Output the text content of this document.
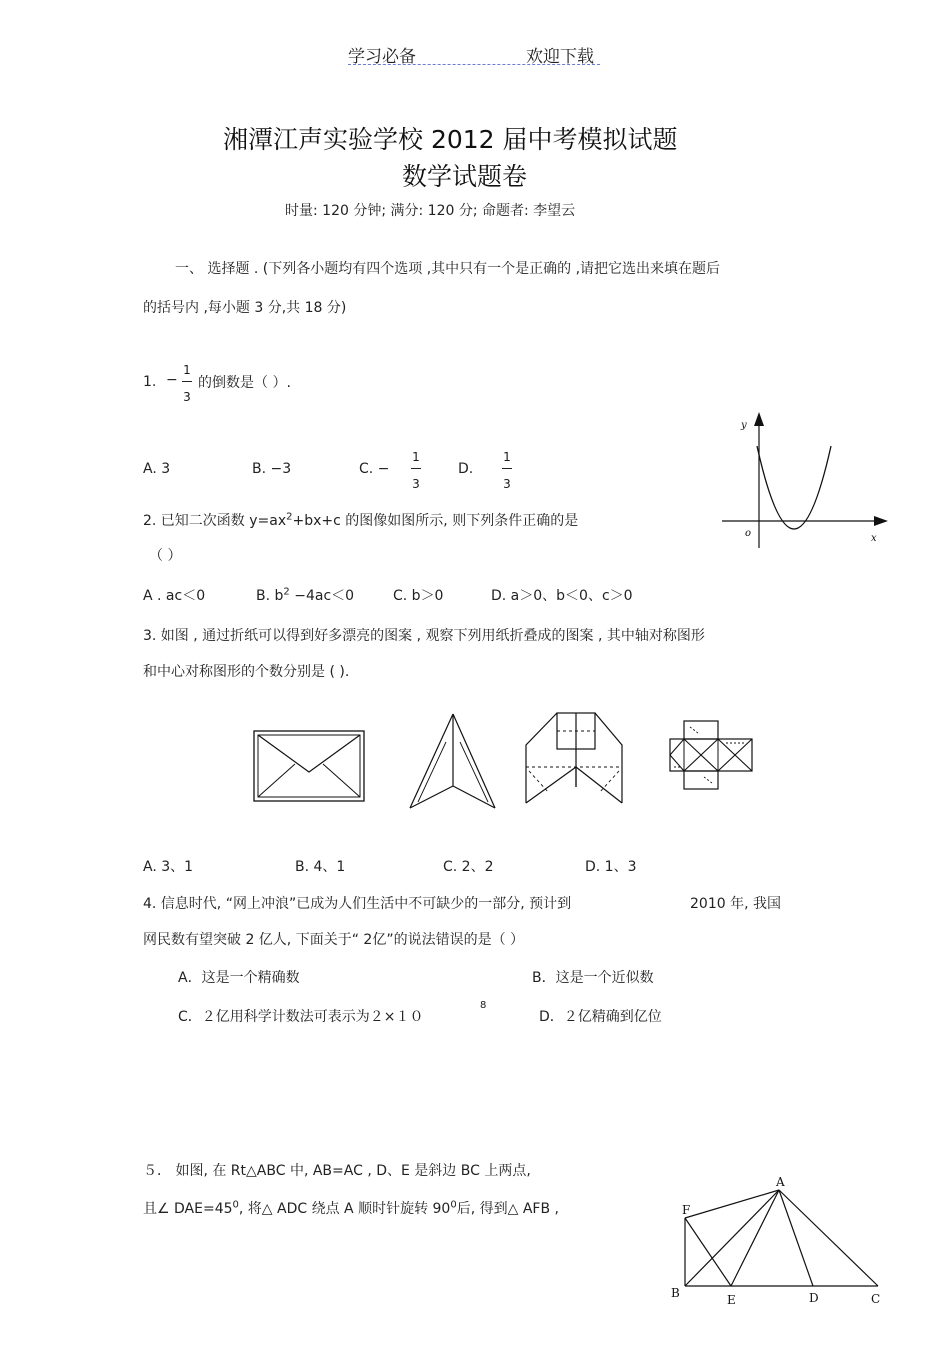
学习必备	欢迎下载
湘潭江声实验学校 2012 届中考模拟试题
数学试题卷
时量: 120 分钟; 满分: 120 分; 命题者: 李望云
一、 选择题 . (下列各小题均有四个选项 ,其中只有一个是正确的 ,请把它选出来填在题后
的括号内 ,每小题 3 分,共 18 分)
1. −
1
3
的倒数是（ ）.
A. 3	B. −3	C. −
1
3
D.
1
3
y
x
o
2. 已知二次函数 $y=ax^2+bx+c$ 的图像如图所示, 则下列条件正确的是
（ ）
A . ac＜0	B. $b^2 -4ac<0$	C. b＞0	D. a＞0、b＜0、c＞0
3. 如图 , 通过折纸可以得到好多漂亮的图案 , 观察下列用纸折叠成的图案 , 其中轴对称图形
和中心对称图形的个数分别是 ( ).
A. 3、1	B. 4、1	C. 2、2	D. 1、3
4. 信息时代, “网上冲浪”已成为人们生活中不可缺少的一部分, 预计到	2010 年, 我国
网民数有望突破 2 亿人, 下面关于“ 2亿”的说法错误的是（ ）
A．这是一个精确数	B．这是一个近似数
C．２亿用科学计数法可表示为２×１０
8
D．２亿精确到亿位
５． 如图, 在 Rt△ABC 中, AB=AC , D、E 是斜边 BC 上两点,
且∠ $DAE=45^0$, 将△ ADC 绕点 A 顺时针旋转 $90^0$后, 得到△ AFB ,
A
F
B	E	D	C
